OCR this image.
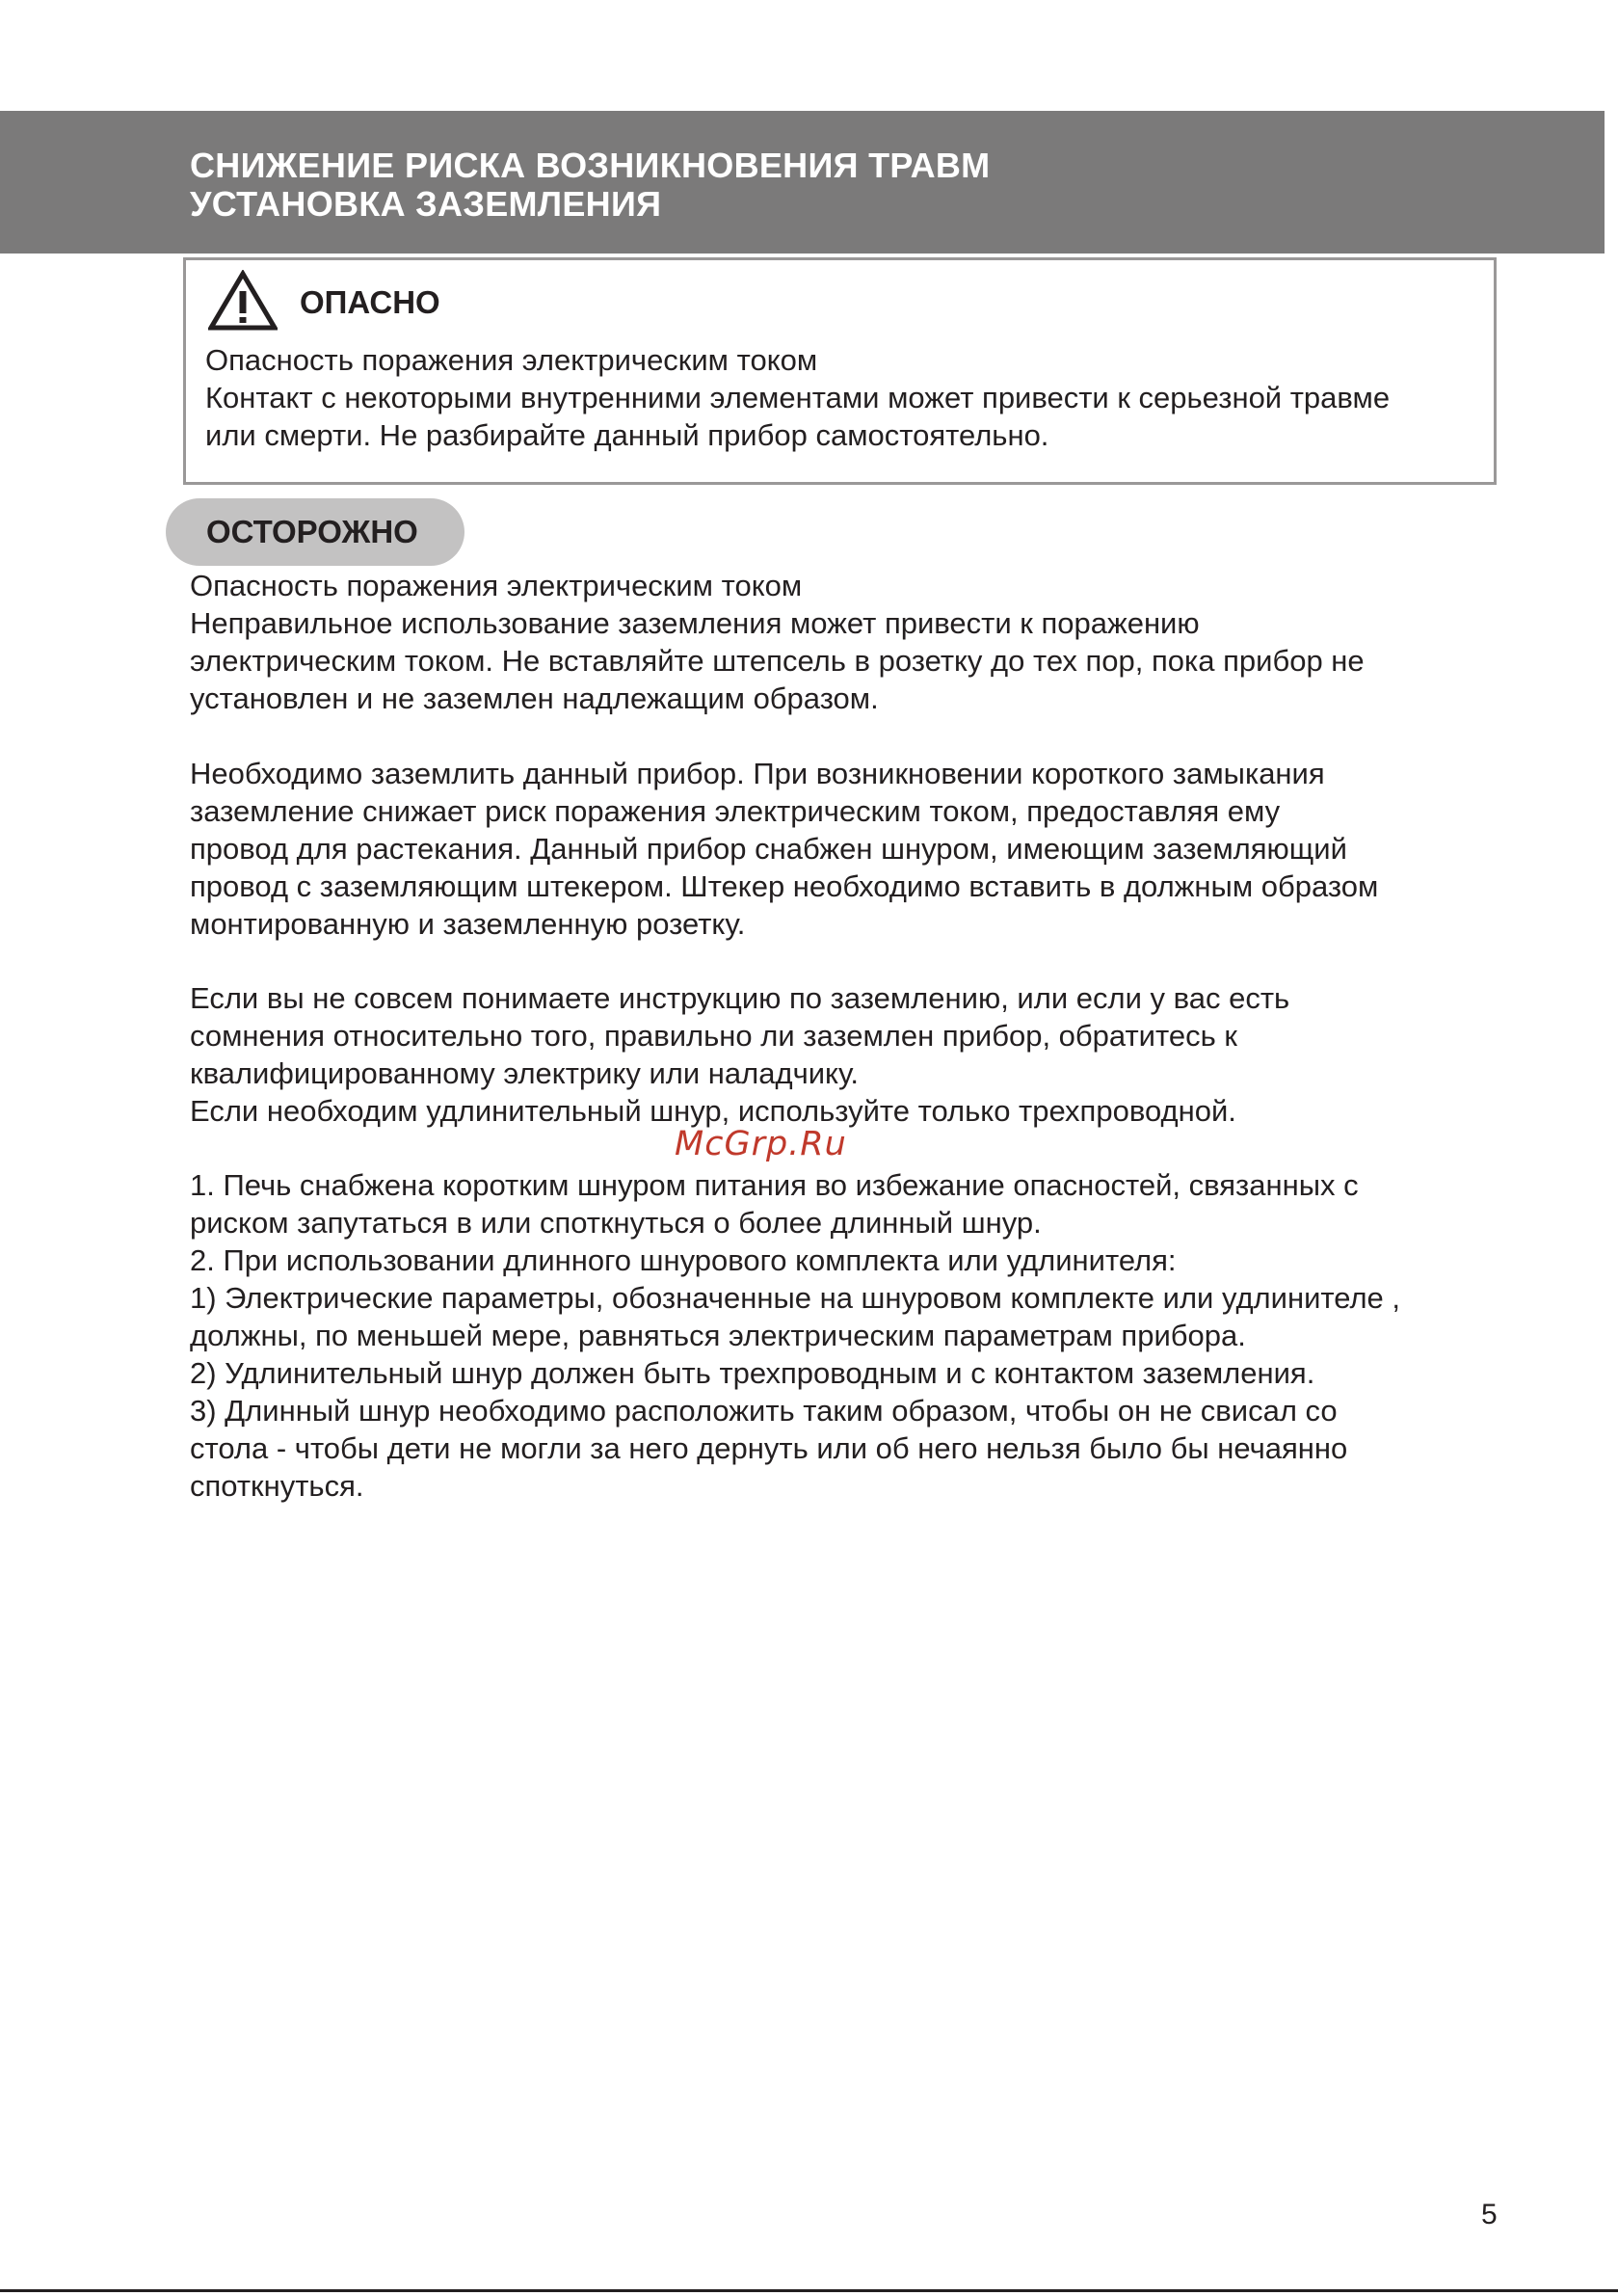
СНИЖЕНИЕ РИСКА ВОЗНИКНОВЕНИЯ ТРАВМ
УСТАНОВКА ЗАЗЕМЛЕНИЯ
ОПАСНО
Опасность поражения электрическим током
Контакт с некоторыми внутренними элементами может привести к серьезной травме
или смерти. Не разбирайте данный прибор самостоятельно.
ОСТОРОЖНО
Опасность поражения электрическим током
Неправильное использование заземления может привести к поражению
электрическим током. Не вставляйте штепсель в розетку до тех пор, пока прибор не
установлен и не заземлен надлежащим образом.
Необходимо заземлить данный прибор. При возникновении короткого замыкания
заземление снижает риск поражения электрическим током, предоставляя ему
провод для растекания. Данный прибор снабжен шнуром, имеющим заземляющий
провод с заземляющим штекером. Штекер необходимо вставить в должным образом
монтированную и заземленную розетку.
Если вы не совсем понимаете инструкцию по заземлению, или если у вас есть
сомнения относительно того, правильно ли заземлен прибор, обратитесь к
квалифицированному электрику или наладчику.
Если необходим удлинительный шнур, используйте только трехпроводной.
McGrp.Ru
1. Печь снабжена коротким шнуром питания во избежание опасностей, связанных с
риском запутаться в или споткнуться о более длинный шнур.
2. При использовании длинного шнурового комплекта или удлинителя:
1) Электрические параметры, обозначенные на шнуровом комплекте или удлинителе ,
должны, по меньшей мере, равняться электрическим параметрам прибора.
2) Удлинительный шнур должен быть трехпроводным и с контактом заземления.
3) Длинный шнур необходимо расположить таким образом, чтобы он не свисал со
стола - чтобы дети не могли за него дернуть или об него нельзя было бы нечаянно
споткнуться.
5
